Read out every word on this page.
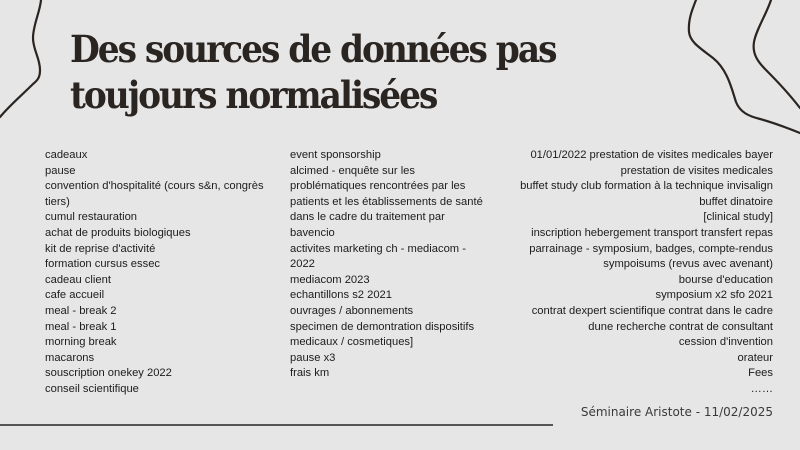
Des sources de données pas
toujours normalisées
cadeaux
pause
convention d'hospitalité (cours s&n, congrès
tiers)
cumul restauration
achat de produits biologiques
kit de reprise d'activité
formation cursus essec
cadeau client
cafe accueil
meal - break 2
meal - break 1
morning break
macarons
souscription onekey 2022
conseil scientifique
event sponsorship
alcimed - enquête sur les
problématiques rencontrées par les
patients et les établissements de santé
dans le cadre du traitement par
bavencio
activites marketing ch - mediacom -
2022
mediacom 2023
echantillons s2 2021
ouvrages / abonnements
specimen de demontration dispositifs
medicaux / cosmetiques]
pause x3
frais km
01/01/2022 prestation de visites medicales bayer
prestation de visites medicales
buffet study club formation à la technique invisalign
buffet dinatoire
[clinical study]
inscription hebergement transport transfert repas
parrainage - symposium, badges, compte-rendus
sympoisums (revus avec avenant)
bourse d'education
symposium x2 sfo 2021
contrat dexpert scientifique contrat dans le cadre
dune recherche contrat de consultant
cession d'invention
orateur
Fees
……
Séminaire Aristote - 11/02/2025
